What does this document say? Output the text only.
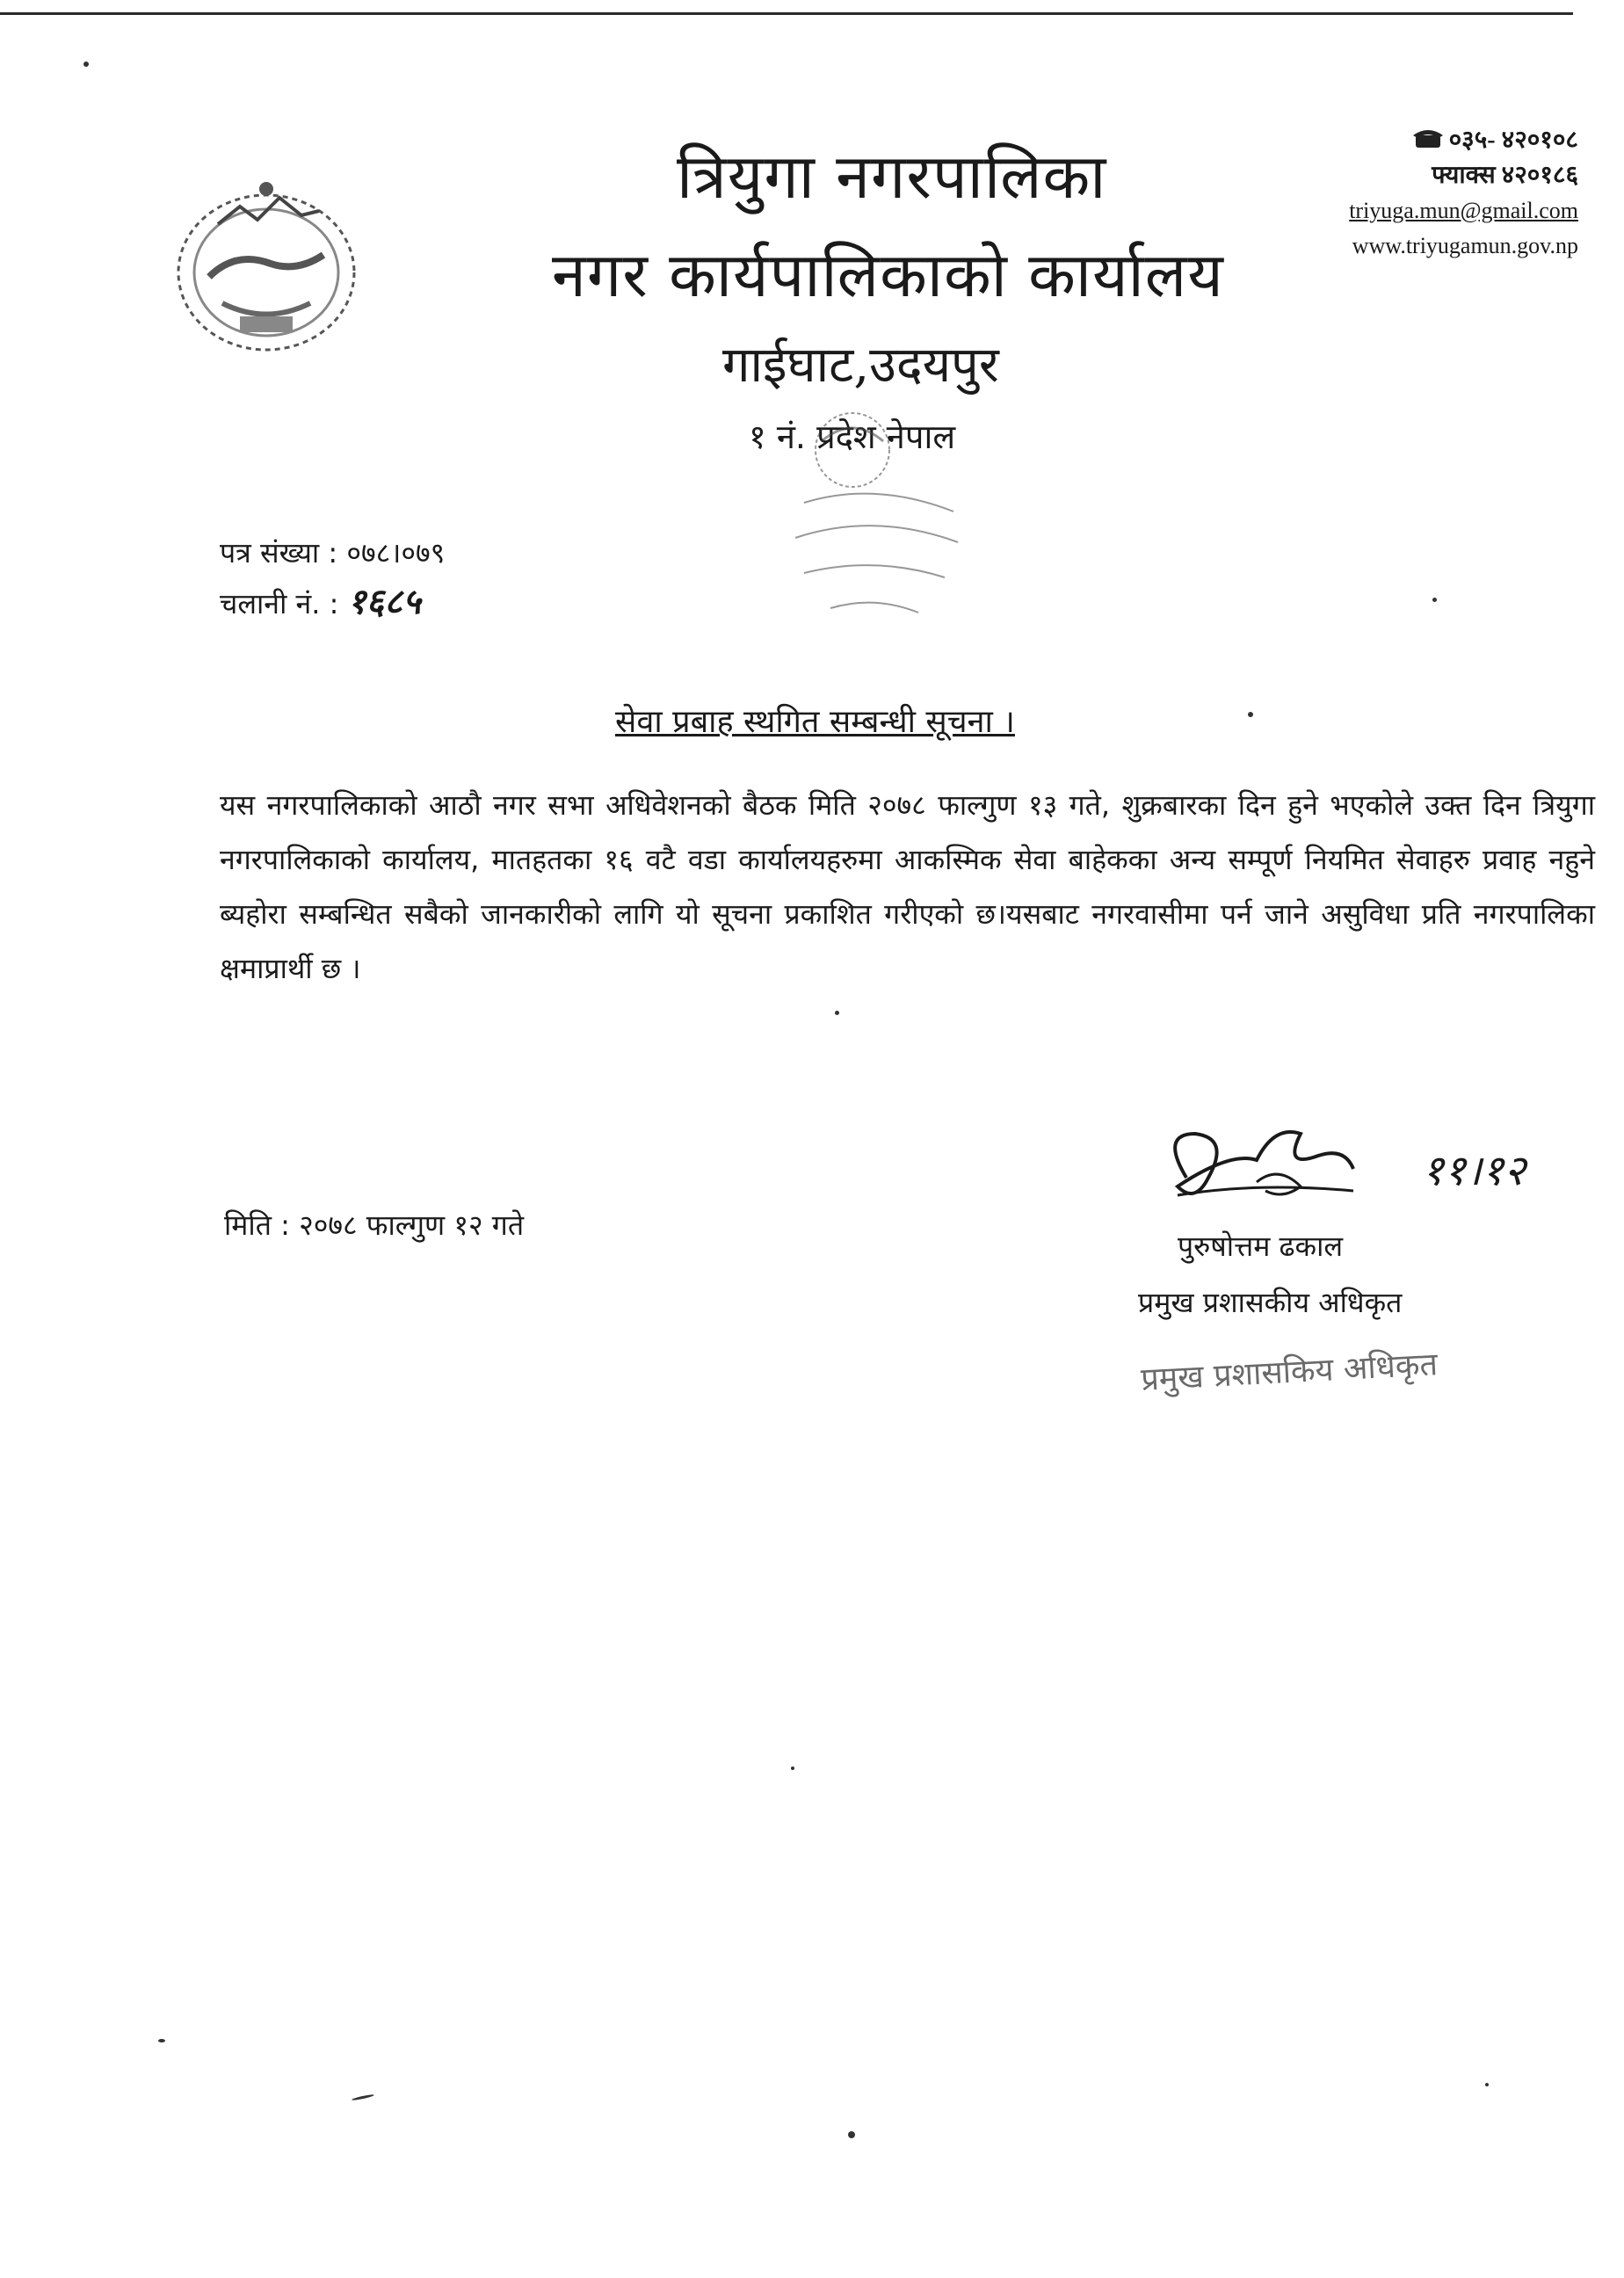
त्रियुगा नगरपालिका
नगर कार्यपालिकाको कार्यालय
गाईघाट,उदयपुर
१ नं. प्रदेश नेपाल
०३५- ४२०१०८
फ्याक्स ४२०१८६
triyuga.mun@gmail.com
www.triyugamun.gov.np
पत्र संख्या : ०७८।०७९
चलानी नं. : १६८५
सेवा प्रबाह स्थगित सम्बन्धी सूचना ।
यस नगरपालिकाको आठौ नगर सभा अधिवेशनको बैठक मिति २०७८ फाल्गुण १३ गते, शुक्रबारका दिन हुने भएकोले उक्त दिन त्रियुगा नगरपालिकाको कार्यालय, मातहतका १६ वटै वडा कार्यालयहरुमा आकस्मिक सेवा बाहेकका अन्य सम्पूर्ण नियमित सेवाहरु प्रवाह नहुने ब्यहोरा सम्बन्धित सबैको जानकारीको लागि यो सूचना प्रकाशित गरीएको छ।यसबाट नगरवासीमा पर्न जाने असुविधा प्रति नगरपालिका क्षमाप्रार्थी छ ।
मिति : २०७८ फाल्गुण १२ गते
११।१२
पुरुषोत्तम ढकाल
प्रमुख प्रशासकीय अधिकृत
प्रमुख प्रशासकिय अधिकृत
